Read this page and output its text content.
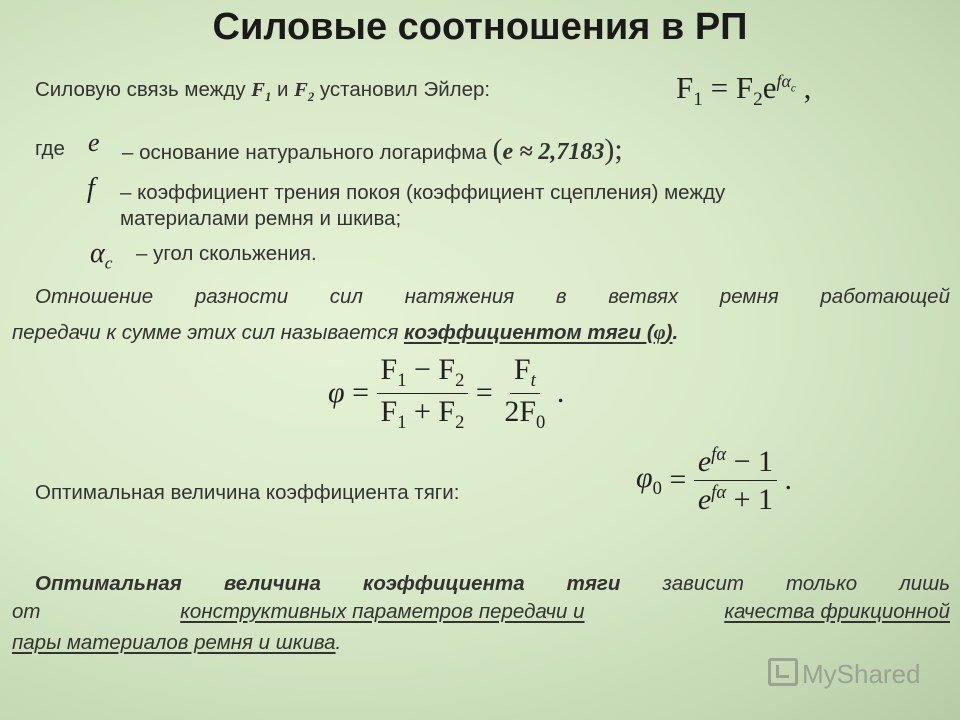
Силовые соотношения в РП
Силовую связь между $F_1$ и $F_2$ установил Эйлер:	$F_1 = F_2e^{f\alpha_c}$ ,
где e – основание натурального логарифма (e ≈ 2,7183);
f – коэффициент трения покоя (коэффициент сцепления) между
материалами ремня и шкива;
$\alpha_c$ – угол скольжения.
Отношение разности сил натяжения в ветвях ремня работающей
передачи к сумме этих сил называется коэффициентом тяги (φ).
$\varphi = \frac{F_1 - F_2}{F_1 + F_2} = \frac{F_t}{2F_0}$ .
Оптимальная величина коэффициента тяги:	$\varphi_0 = \frac{e^{f\alpha} - 1}{e^{f\alpha} + 1}$ .
Оптимальная величина коэффициента тяги зависит только лишь
от	конструктивных параметров передачи и	качества фрикционной
пары материалов ремня и шкива.
MyShared
